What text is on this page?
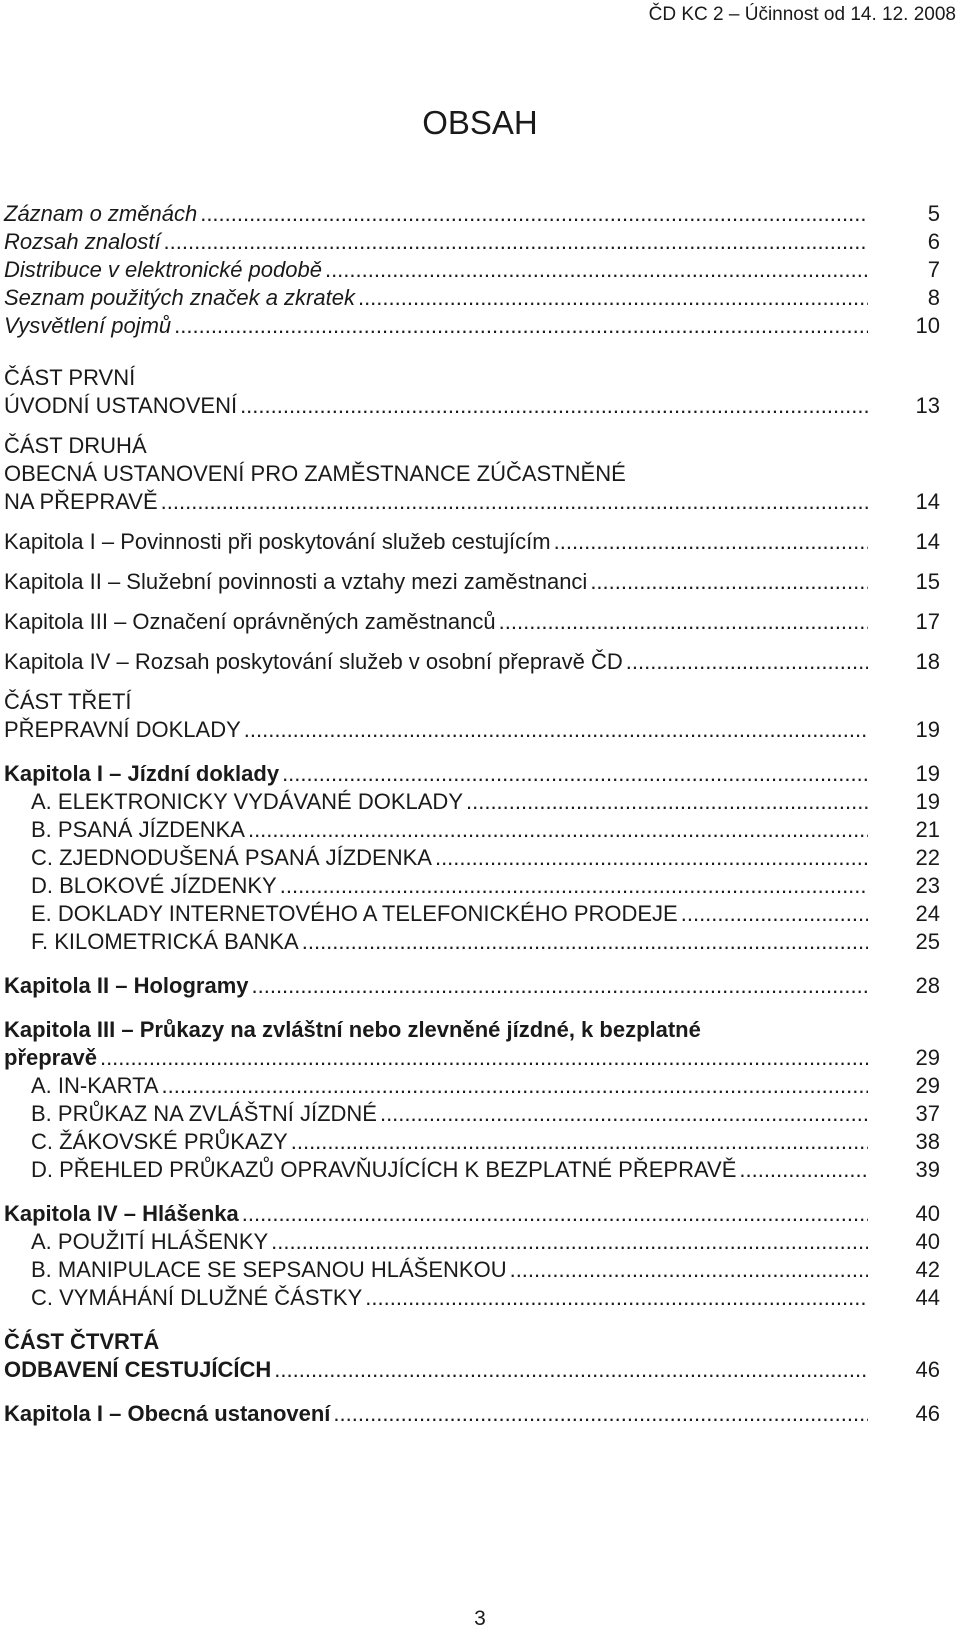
ČD KC 2 – Účinnost od 14. 12. 2008
OBSAH
Záznam o změnách .....	5
Rozsah znalostí .....	6
Distribuce v elektronické podobě .....	7
Seznam použitých značek a zkratek .....	8
Vysvětlení pojmů .....	10
ČÁST PRVNÍ
ÚVODNÍ USTANOVENÍ .....	13
ČÁST DRUHÁ
OBECNÁ USTANOVENÍ PRO ZAMĚSTNANCE ZÚČASTNĚNÉ
NA PŘEPRAVĚ .....	14
Kapitola I – Povinnosti při poskytování služeb cestujícím .....	14
Kapitola II – Služební povinnosti a vztahy mezi zaměstnanci .....	15
Kapitola III – Označení oprávněných zaměstnanců .....	17
Kapitola IV – Rozsah poskytování služeb v osobní přepravě ČD .....	18
ČÁST TŘETÍ
PŘEPRAVNÍ DOKLADY .....	19
Kapitola I – Jízdní doklady .....	19
A. ELEKTRONICKY VYDÁVANÉ DOKLADY .....	19
B. PSANÁ JÍZDENKA .....	21
C. ZJEDNODUŠENÁ PSANÁ JÍZDENKA .....	22
D. BLOKOVÉ JÍZDENKY .....	23
E. DOKLADY INTERNETOVÉHO A TELEFONICKÉHO PRODEJE .....	24
F. KILOMETRICKÁ BANKA .....	25
Kapitola II – Hologramy .....	28
Kapitola III – Průkazy na zvláštní nebo zlevněné jízdné, k bezplatné
přepravě .....	29
A. IN-KARTA .....	29
B. PRŮKAZ NA ZVLÁŠTNÍ JÍZDNÉ .....	37
C. ŽÁKOVSKÉ PRŮKAZY .....	38
D. PŘEHLED PRŮKAZŮ OPRAVŇUJÍCÍCH K BEZPLATNÉ PŘEPRAVĚ .....	39
Kapitola IV – Hlášenka .....	40
A. POUŽITÍ HLÁŠENKY .....	40
B. MANIPULACE SE SEPSANOU HLÁŠENKOU .....	42
C. VYMÁHÁNÍ DLUŽNÉ ČÁSTKY .....	44
ČÁST ČTVRTÁ
ODBAVENÍ CESTUJÍCÍCH .....	46
Kapitola I – Obecná ustanovení .....	46
3
